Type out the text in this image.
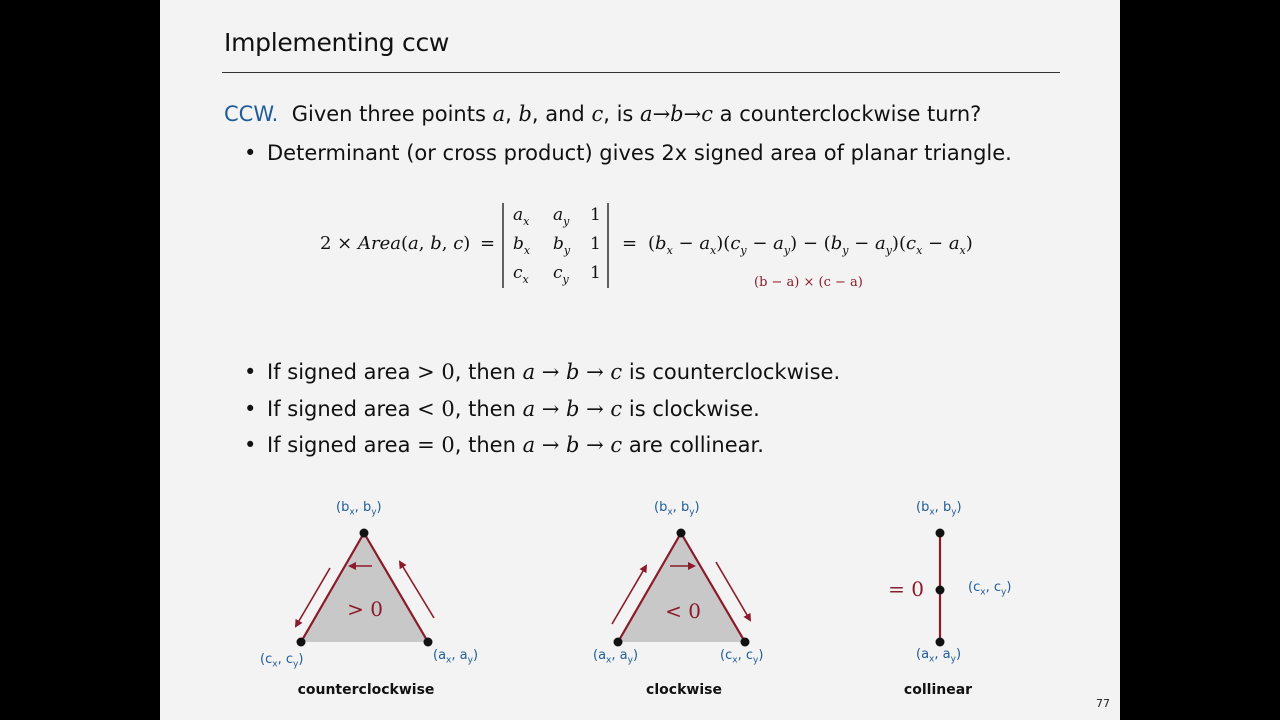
Implementing ccw
CCW. Given three points a, b, and c, is a→b→c a counterclockwise turn?
• Determinant (or cross product) gives 2x signed area of planar triangle.
2 × Area(a, b, c) =
$a_x$ $a_y$ 1
$b_x$ $b_y$ 1
$c_x$ $c_y$ 1
= $(b_x - a_x)(c_y - a_y) - (b_y - a_y)(c_x - a_x)$
(b − a) × (c − a)
• If signed area > 0, then a → b → c is counterclockwise.
• If signed area < 0, then a → b → c is clockwise.
• If signed area = 0, then a → b → c are collinear.
> 0	< 0
= 0
($b_x$, $b_y$)
($c_x$, $c_y$)	($a_x$, $a_y$)
($b_x$, $b_y$)
($a_x$, $a_y$)	($c_x$, $c_y$)
($b_x$, $b_y$)
($c_x$, $c_y$)
($a_x$, $a_y$)
counterclockwise	clockwise	collinear
77
